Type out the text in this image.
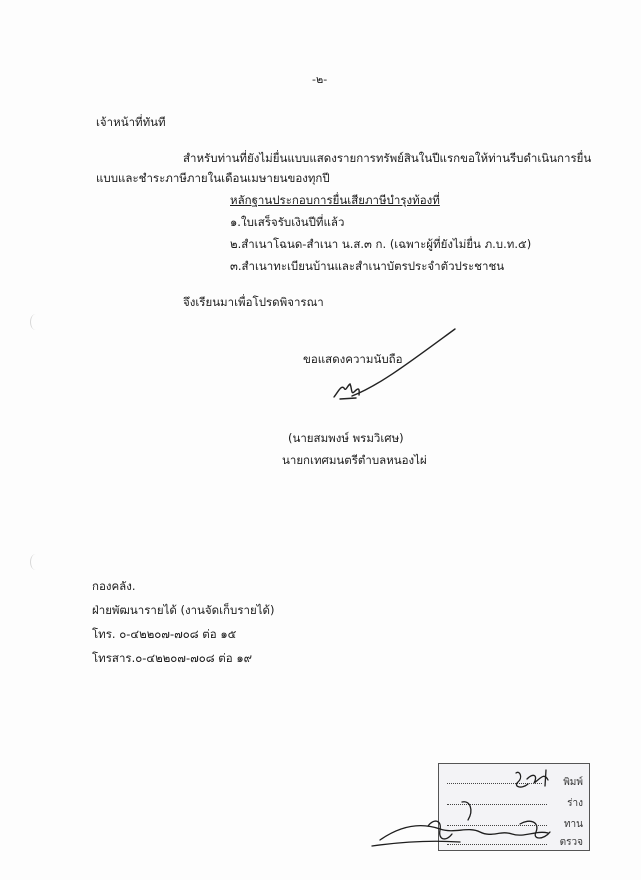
-๒-
เจ้าหน้าที่ทันที
สำหรับท่านที่ยังไม่ยื่นแบบแสดงรายการทรัพย์สินในปีแรกขอให้ท่านรีบดำเนินการยื่น
แบบและชำระภาษีภายในเดือนเมษายนของทุกปี
หลักฐานประกอบการยื่นเสียภาษีบำรุงท้องที่
๑.ใบเสร็จรับเงินปีที่แล้ว
๒.สำเนาโฉนด-สำเนา น.ส.๓ ก. (เฉพาะผู้ที่ยังไม่ยื่น ภ.บ.ท.๕)
๓.สำเนาทะเบียนบ้านและสำเนาบัตรประจำตัวประชาชน
จึงเรียนมาเพื่อโปรดพิจารณา
ขอแสดงความนับถือ
(นายสมพงษ์ พรมวิเศษ)
นายกเทศมนตรีตำบลหนองไผ่
กองคลัง.
ฝ่ายพัฒนารายได้ (งานจัดเก็บรายได้)
โทร. ๐-๔๒๒๐๗-๗๐๘ ต่อ ๑๕
โทรสาร.๐-๔๒๒๐๗-๗๐๘ ต่อ ๑๙
พิมพ์
ร่าง
ทาน
ตรวจ
